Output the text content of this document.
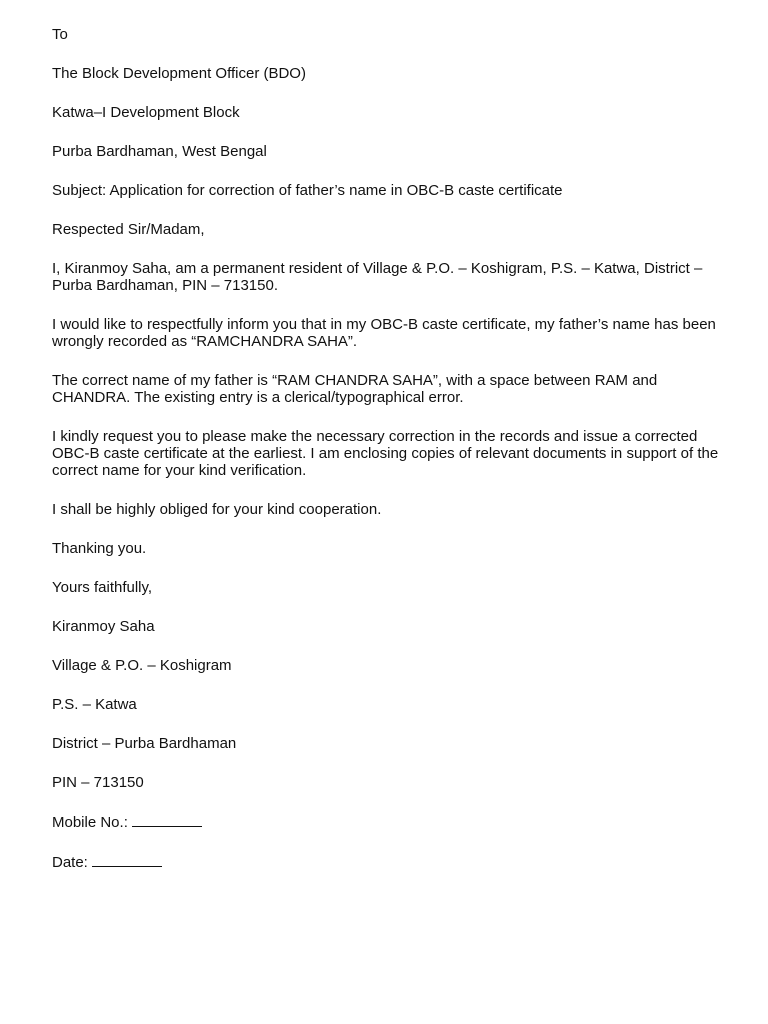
To

The Block Development Officer (BDO)

Katwa–I Development Block

Purba Bardhaman, West Bengal

Subject: Application for correction of father’s name in OBC-B caste certificate

Respected Sir/Madam,

I, Kiranmoy Saha, am a permanent resident of Village & P.O. – Koshigram, P.S. – Katwa, District – Purba Bardhaman, PIN – 713150.

I would like to respectfully inform you that in my OBC-B caste certificate, my father’s name has been wrongly recorded as “RAMCHANDRA SAHA”.

The correct name of my father is “RAM CHANDRA SAHA”, with a space between RAM and CHANDRA. The existing entry is a clerical/typographical error.

I kindly request you to please make the necessary correction in the records and issue a corrected OBC-B caste certificate at the earliest. I am enclosing copies of relevant documents in support of the correct name for your kind verification.

I shall be highly obliged for your kind cooperation.

Thanking you.

Yours faithfully,

Kiranmoy Saha

Village & P.O. – Koshigram

P.S. – Katwa

District – Purba Bardhaman

PIN – 713150

Mobile No.:

Date:
